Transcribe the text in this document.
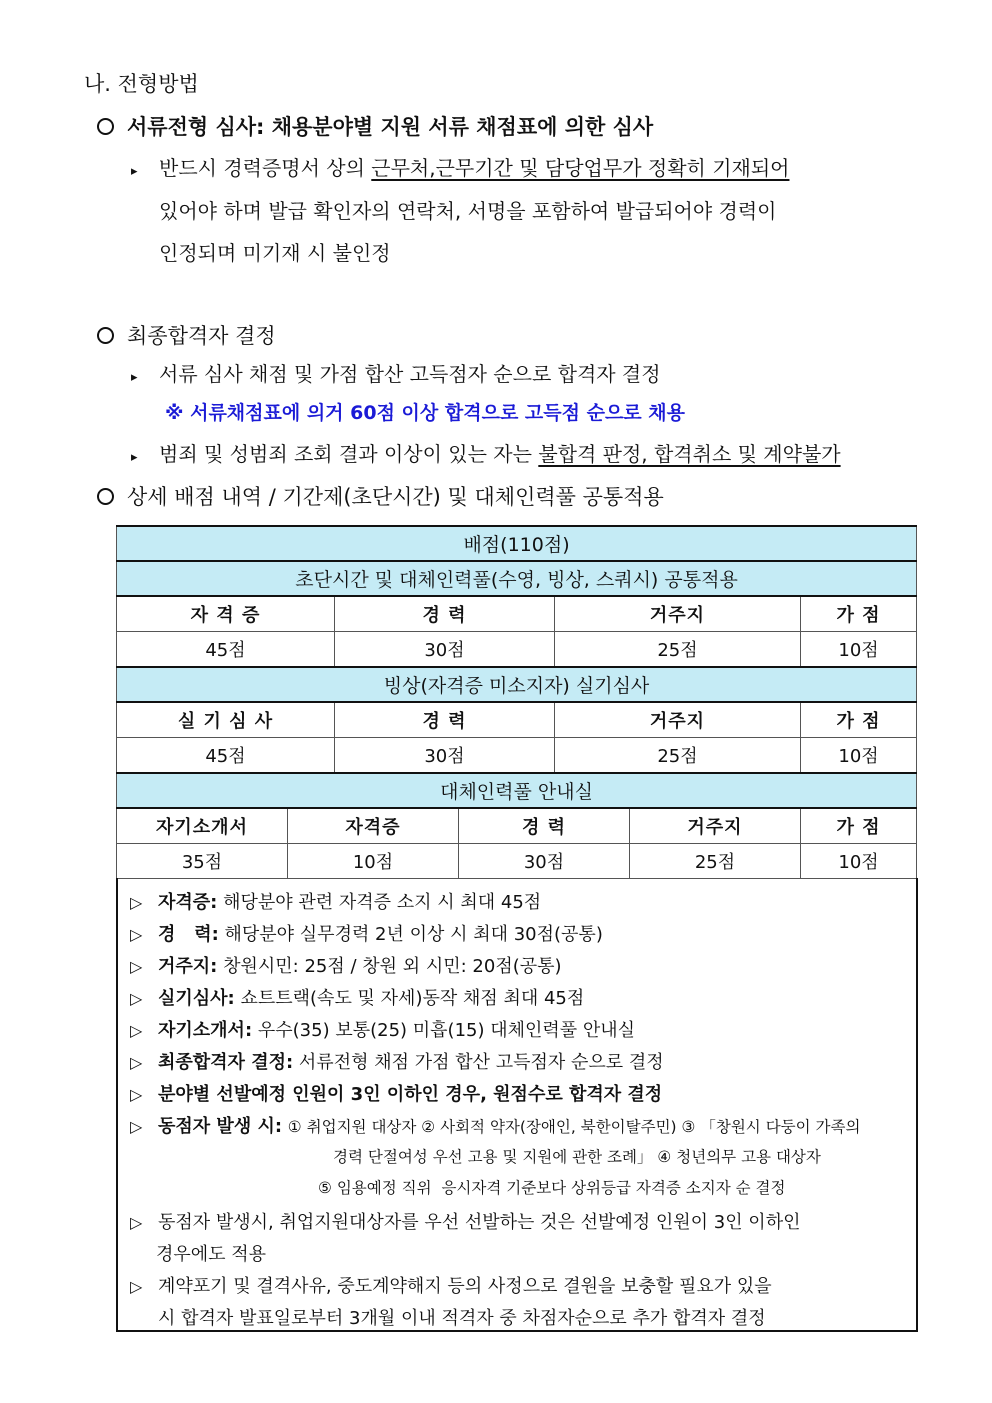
나. 전형방법
서류전형 심사: 채용분야별 지원 서류 채점표에 의한 심사
▸ 반드시 경력증명서 상의 근무처,근무기간 및 담당업무가 정확히 기재되어
있어야 하며 발급 확인자의 연락처, 서명을 포함하여 발급되어야 경력이
인정되며 미기재 시 불인정
최종합격자 결정
▸ 서류 심사 채점 및 가점 합산 고득점자 순으로 합격자 결정
※ 서류채점표에 의거 60점 이상 합격으로 고득점 순으로 채용
▸ 범죄 및 성범죄 조회 결과 이상이 있는 자는 불합격 판정, 합격취소 및 계약불가
상세 배점 내역 / 기간제(초단시간) 및 대체인력풀 공통적용
배점(110점)						
초단시간 및 대체인력풀(수영, 빙상, 스쿼시) 공통적용						
자 격 증		경 력		거주지		가 점
45점		30점		25점		10점
빙상(자격증 미소지자) 실기심사						
실 기 심 사		경 력		거주지		가 점
45점		30점		25점		10점
대체인력풀 안내실						
자기소개서	자격증		경 력		거주지	가 점
35점	10점		30점		25점	10점
▷ 자격증: 해당분야 관련 자격증 소지 시 최대 45점
▷ 경   력: 해당분야 실무경력 2년 이상 시 최대 30점(공통)
▷ 거주지: 창원시민: 25점 / 창원 외 시민: 20점(공통)
▷ 실기심사: 쇼트트랙(속도 및 자세)동작 채점 최대 45점
▷ 자기소개서: 우수(35) 보통(25) 미흡(15) 대체인력풀 안내실
▷ 최종합격자 결정: 서류전형 채점 가점 합산 고득점자 순으로 결정
▷ 분야별 선발예정 인원이 3인 이하인 경우, 원점수로 합격자 결정
▷ 동점자 발생 시: ① 취업지원 대상자 ② 사회적 약자(장애인, 북한이탈주민) ③ 「창원시 다둥이 가족의
경력 단절여성 우선 고용 및 지원에 관한 조례」 ④ 청년의무 고용 대상자
⑤ 임용예정 직위  응시자격 기준보다 상위등급 자격증 소지자 순 결정
▷ 동점자 발생시, 취업지원대상자를 우선 선발하는 것은 선발예정 인원이 3인 이하인
경우에도 적용
▷ 계약포기 및 결격사유, 중도계약해지 등의 사정으로 결원을 보충할 필요가 있을
시 합격자 발표일로부터 3개월 이내 적격자 중 차점자순으로 추가 합격자 결정
